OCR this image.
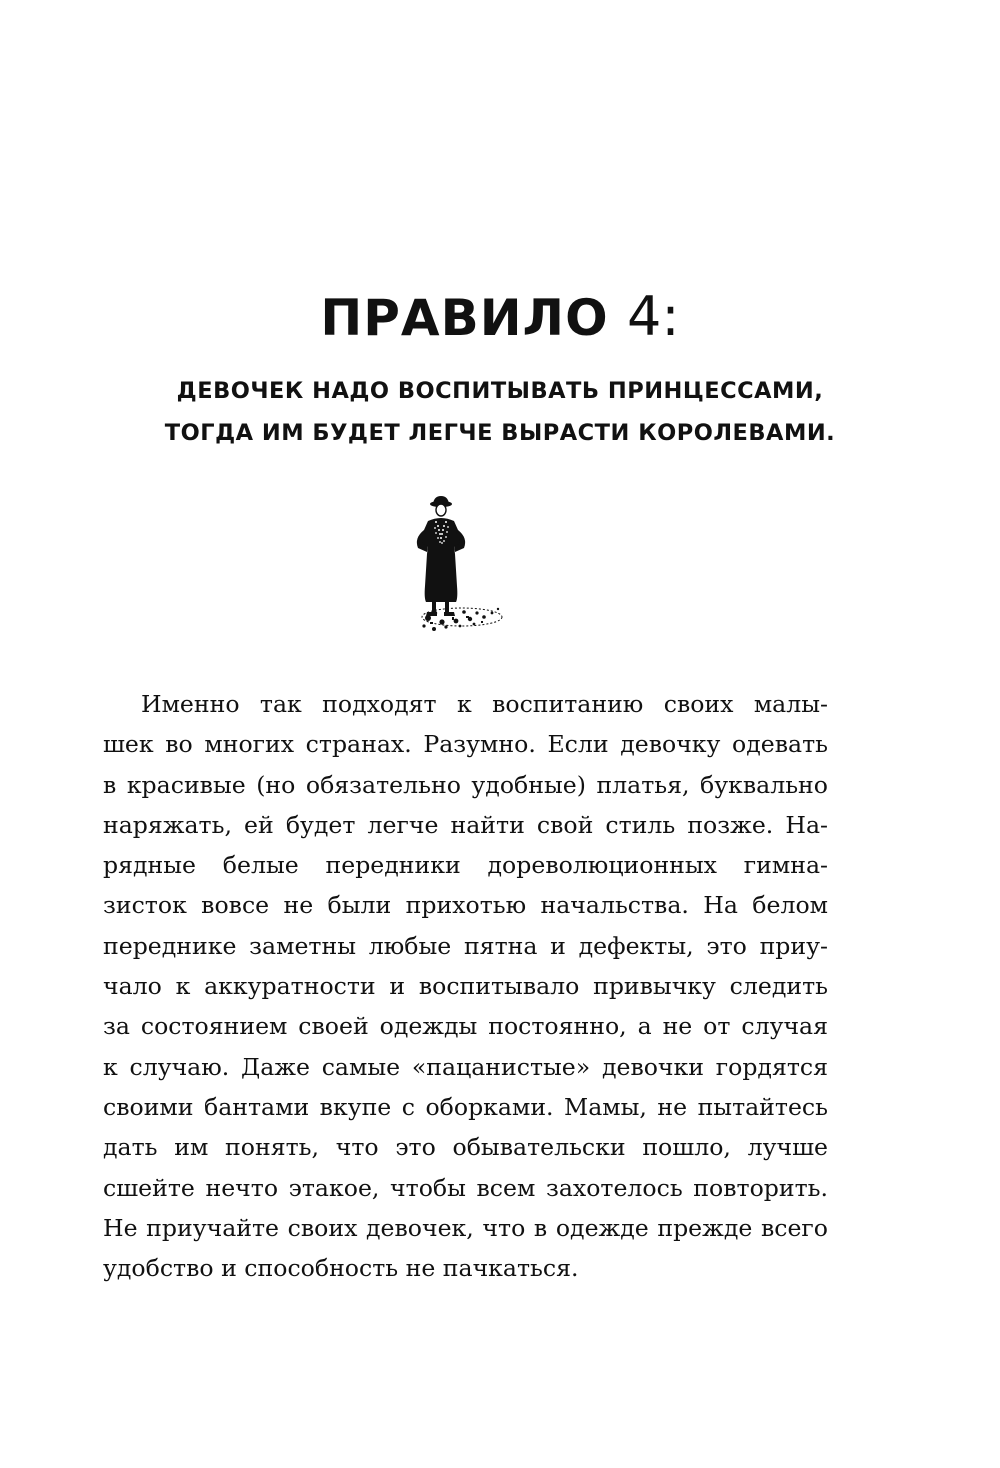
ПРАВИЛО 4:
ДЕВОЧЕК НАДО ВОСПИТЫВАТЬ ПРИНЦЕССАМИ,
ТОГДА ИМ БУДЕТ ЛЕГЧЕ ВЫРАСТИ КОРОЛЕВАМИ.
Именно так подходят к воспитанию своих малы-
шек во многих странах. Разумно. Если девочку одевать
в красивые (но обязательно удобные) платья, буквально
наряжать, ей будет легче найти свой стиль позже. На-
рядные белые передники дореволюционных гимна-
зисток вовсе не были прихотью начальства. На белом
переднике заметны любые пятна и дефекты, это приу-
чало к аккуратности и воспитывало привычку следить
за состоянием своей одежды постоянно, а не от случая
к случаю. Даже самые «пацанистые» девочки гордятся
своими бантами вкупе с оборками. Мамы, не пытайтесь
дать им понять, что это обывательски пошло, лучше
сшейте нечто этакое, чтобы всем захотелось повторить.
Не приучайте своих девочек, что в одежде прежде всего
удобство и способность не пачкаться.
